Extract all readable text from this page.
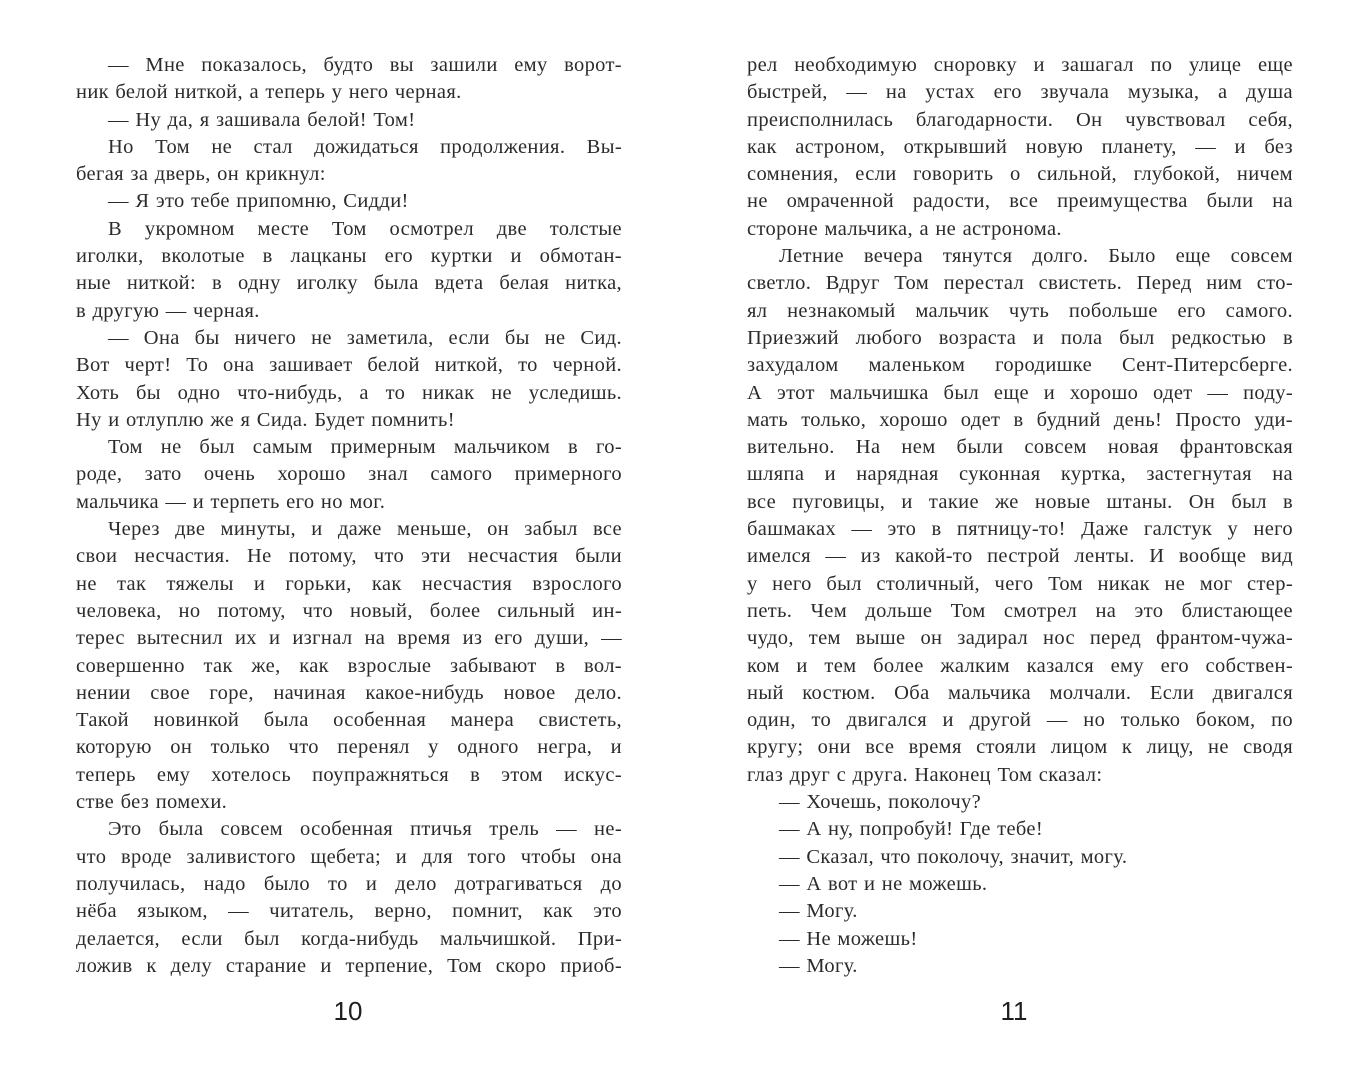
— Мне показалось, будто вы зашили ему ворот-
ник белой ниткой, а теперь у него черная.
— Ну да, я зашивала белой! Том!
Но Том не стал дожидаться продолжения. Вы-
бегая за дверь, он крикнул:
— Я это тебе припомню, Сидди!
В укромном месте Том осмотрел две толстые
иголки, вколотые в лацканы его куртки и обмотан-
ные ниткой: в одну иголку была вдета белая нитка,
в другую — черная.
— Она бы ничего не заметила, если бы не Сид.
Вот черт! То она зашивает белой ниткой, то черной.
Хоть бы одно что-нибудь, а то никак не уследишь.
Ну и отлуплю же я Сида. Будет помнить!
Том не был самым примерным мальчиком в го-
роде, зато очень хорошо знал самого примерного
мальчика — и терпеть его но мог.
Через две минуты, и даже меньше, он забыл все
свои несчастия. Не потому, что эти несчастия были
не так тяжелы и горьки, как несчастия взрослого
человека, но потому, что новый, более сильный ин-
терес вытеснил их и изгнал на время из его души, —
совершенно так же, как взрослые забывают в вол-
нении свое горе, начиная какое-нибудь новое дело.
Такой новинкой была особенная манера свистеть,
которую он только что перенял у одного негра, и
теперь ему хотелось поупражняться в этом искус-
стве без помехи.
Это была совсем особенная птичья трель — не-
что вроде заливистого щебета; и для того чтобы она
получилась, надо было то и дело дотрагиваться до
нёба языком, — читатель, верно, помнит, как это
делается, если был когда-нибудь мальчишкой. При-
ложив к делу старание и терпение, Том скоро приоб-
рел необходимую сноровку и зашагал по улице еще
быстрей, — на устах его звучала музыка, а душа
преисполнилась благодарности. Он чувствовал себя,
как астроном, открывший новую планету, — и без
сомнения, если говорить о сильной, глубокой, ничем
не омраченной радости, все преимущества были на
стороне мальчика, а не астронома.
Летние вечера тянутся долго. Было еще совсем
светло. Вдруг Том перестал свистеть. Перед ним сто-
ял незнакомый мальчик чуть побольше его самого.
Приезжий любого возраста и пола был редкостью в
захудалом маленьком городишке Сент-Питерсберге.
А этот мальчишка был еще и хорошо одет — поду-
мать только, хорошо одет в будний день! Просто уди-
вительно. На нем были совсем новая франтовская
шляпа и нарядная суконная куртка, застегнутая на
все пуговицы, и такие же новые штаны. Он был в
башмаках — это в пятницу-то! Даже галстук у него
имелся — из какой-то пестрой ленты. И вообще вид
у него был столичный, чего Том никак не мог стер-
петь. Чем дольше Том смотрел на это блистающее
чудо, тем выше он задирал нос перед франтом-чужа-
ком и тем более жалким казался ему его собствен-
ный костюм. Оба мальчика молчали. Если двигался
один, то двигался и другой — но только боком, по
кругу; они все время стояли лицом к лицу, не сводя
глаз друг с друга. Наконец Том сказал:
— Хочешь, поколочу?
— А ну, попробуй! Где тебе!
— Сказал, что поколочу, значит, могу.
— А вот и не можешь.
— Могу.
— Не можешь!
— Могу.
10	11
